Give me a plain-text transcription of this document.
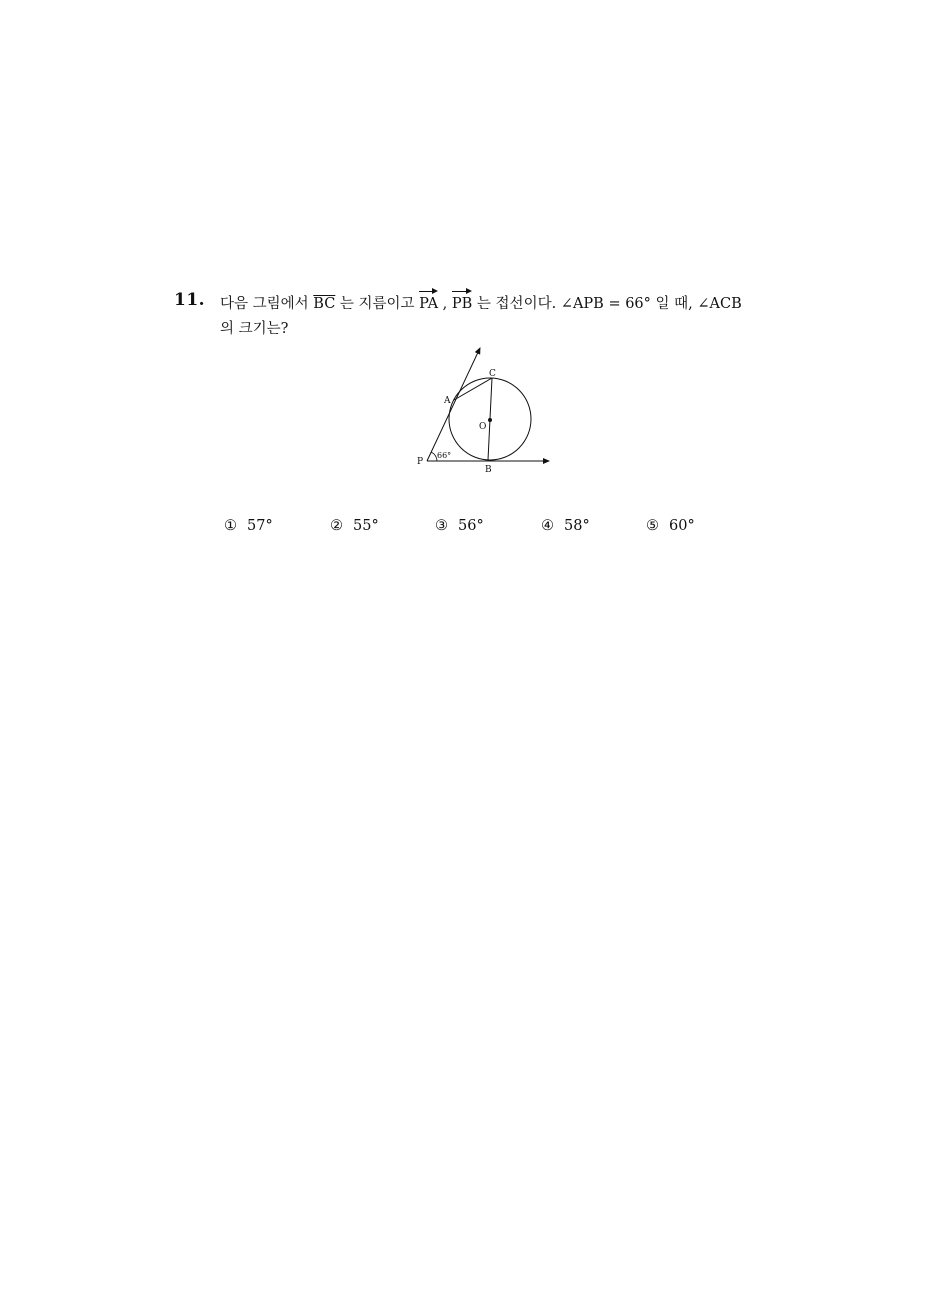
11. 다음 그림에서 $\overline{BC}$ 는 지름이고 PA , PB 는 접선이다. ∠APB = 66° 일 때, ∠ACB
의 크기는?
A
C
O
P
B
66°
① 57°	② 55°	③ 56°	④ 58°	⑤ 60°
